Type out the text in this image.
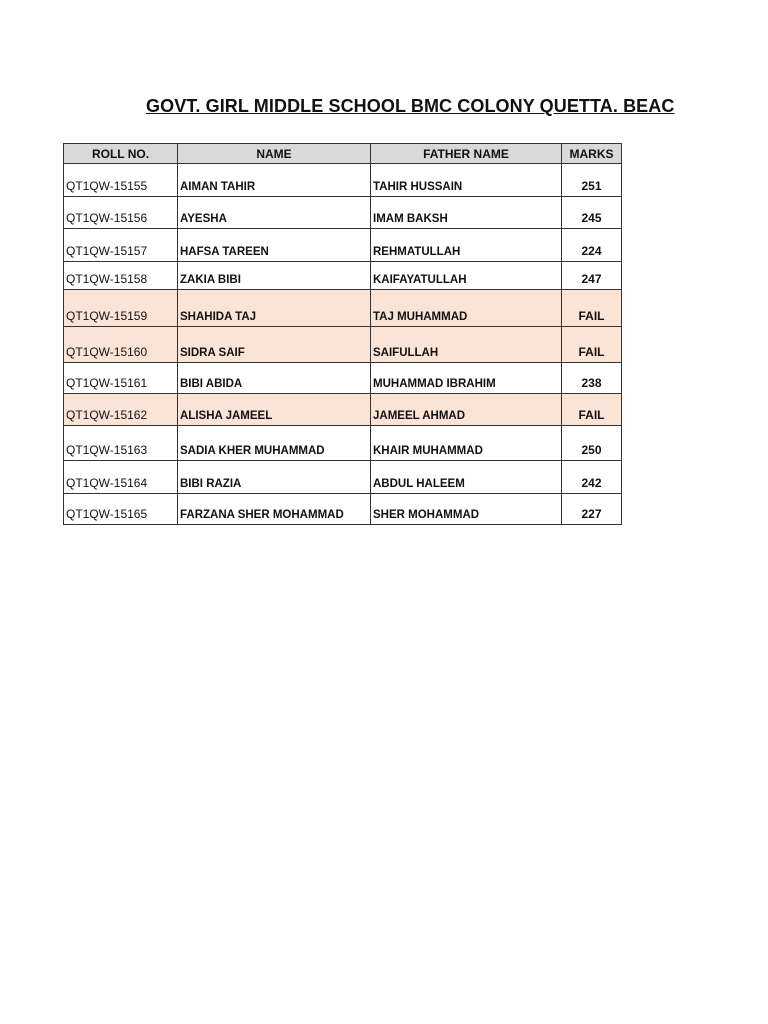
GOVT. GIRL MIDDLE SCHOOL BMC COLONY QUETTA. BEAC
ROLL NO.	NAME	FATHER NAME	MARKS
QT1QW-15155	AIMAN TAHIR	TAHIR HUSSAIN	251
QT1QW-15156	AYESHA	IMAM BAKSH	245
QT1QW-15157	HAFSA TAREEN	REHMATULLAH	224
QT1QW-15158	ZAKIA BIBI	KAIFAYATULLAH	247
QT1QW-15159	SHAHIDA TAJ	TAJ MUHAMMAD	FAIL
QT1QW-15160	SIDRA SAIF	SAIFULLAH	FAIL
QT1QW-15161	BIBI ABIDA	MUHAMMAD IBRAHIM	238
QT1QW-15162	ALISHA JAMEEL	JAMEEL AHMAD	FAIL
QT1QW-15163	SADIA KHER MUHAMMAD	KHAIR MUHAMMAD	250
QT1QW-15164	BIBI RAZIA	ABDUL HALEEM	242
QT1QW-15165	FARZANA SHER MOHAMMAD	SHER MOHAMMAD	227
